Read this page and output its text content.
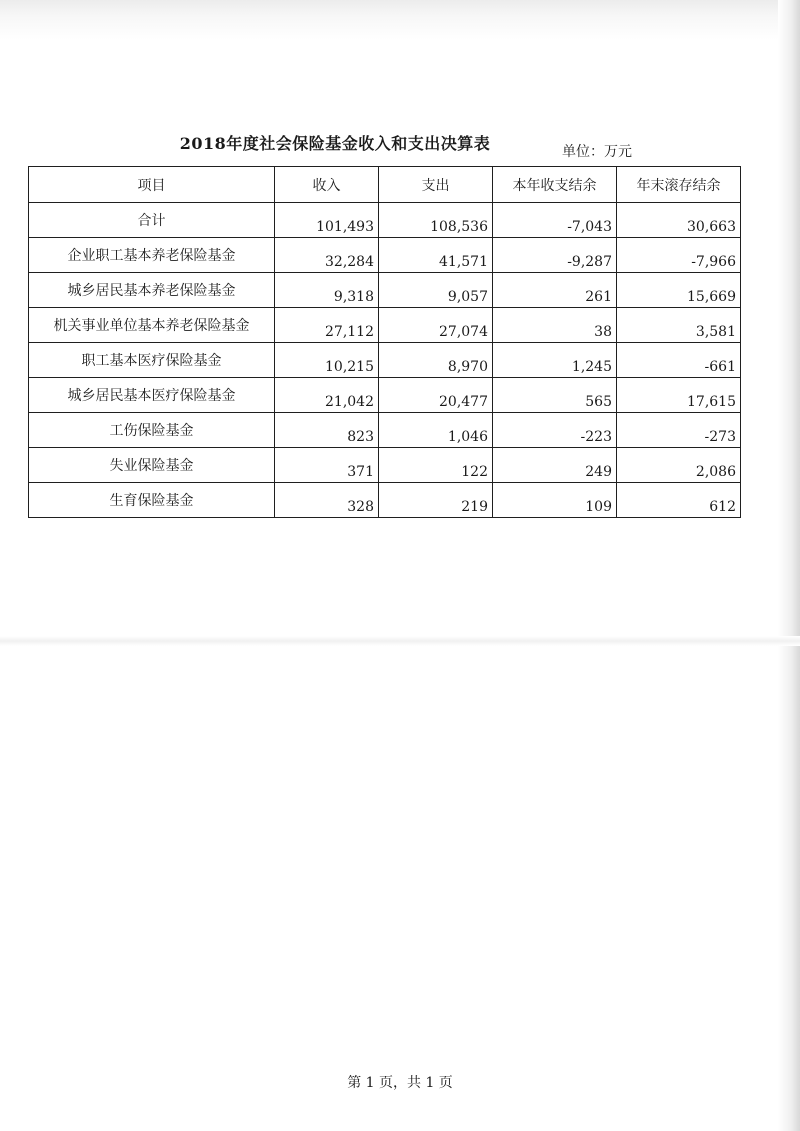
2018年度社会保险基金收入和支出决算表	单位：万元
项目	收入	支出	本年收支结余	年末滚存结余
合计	101,493	108,536	-7,043	30,663
企业职工基本养老保险基金	32,284	41,571	-9,287	-7,966
城乡居民基本养老保险基金	9,318	9,057	261	15,669
机关事业单位基本养老保险基金	27,112	27,074	38	3,581
职工基本医疗保险基金	10,215	8,970	1,245	-661
城乡居民基本医疗保险基金	21,042	20,477	565	17,615
工伤保险基金	823	1,046	-223	-273
失业保险基金	371	122	249	2,086
生育保险基金	328	219	109	612
第 1 页，共 1 页
